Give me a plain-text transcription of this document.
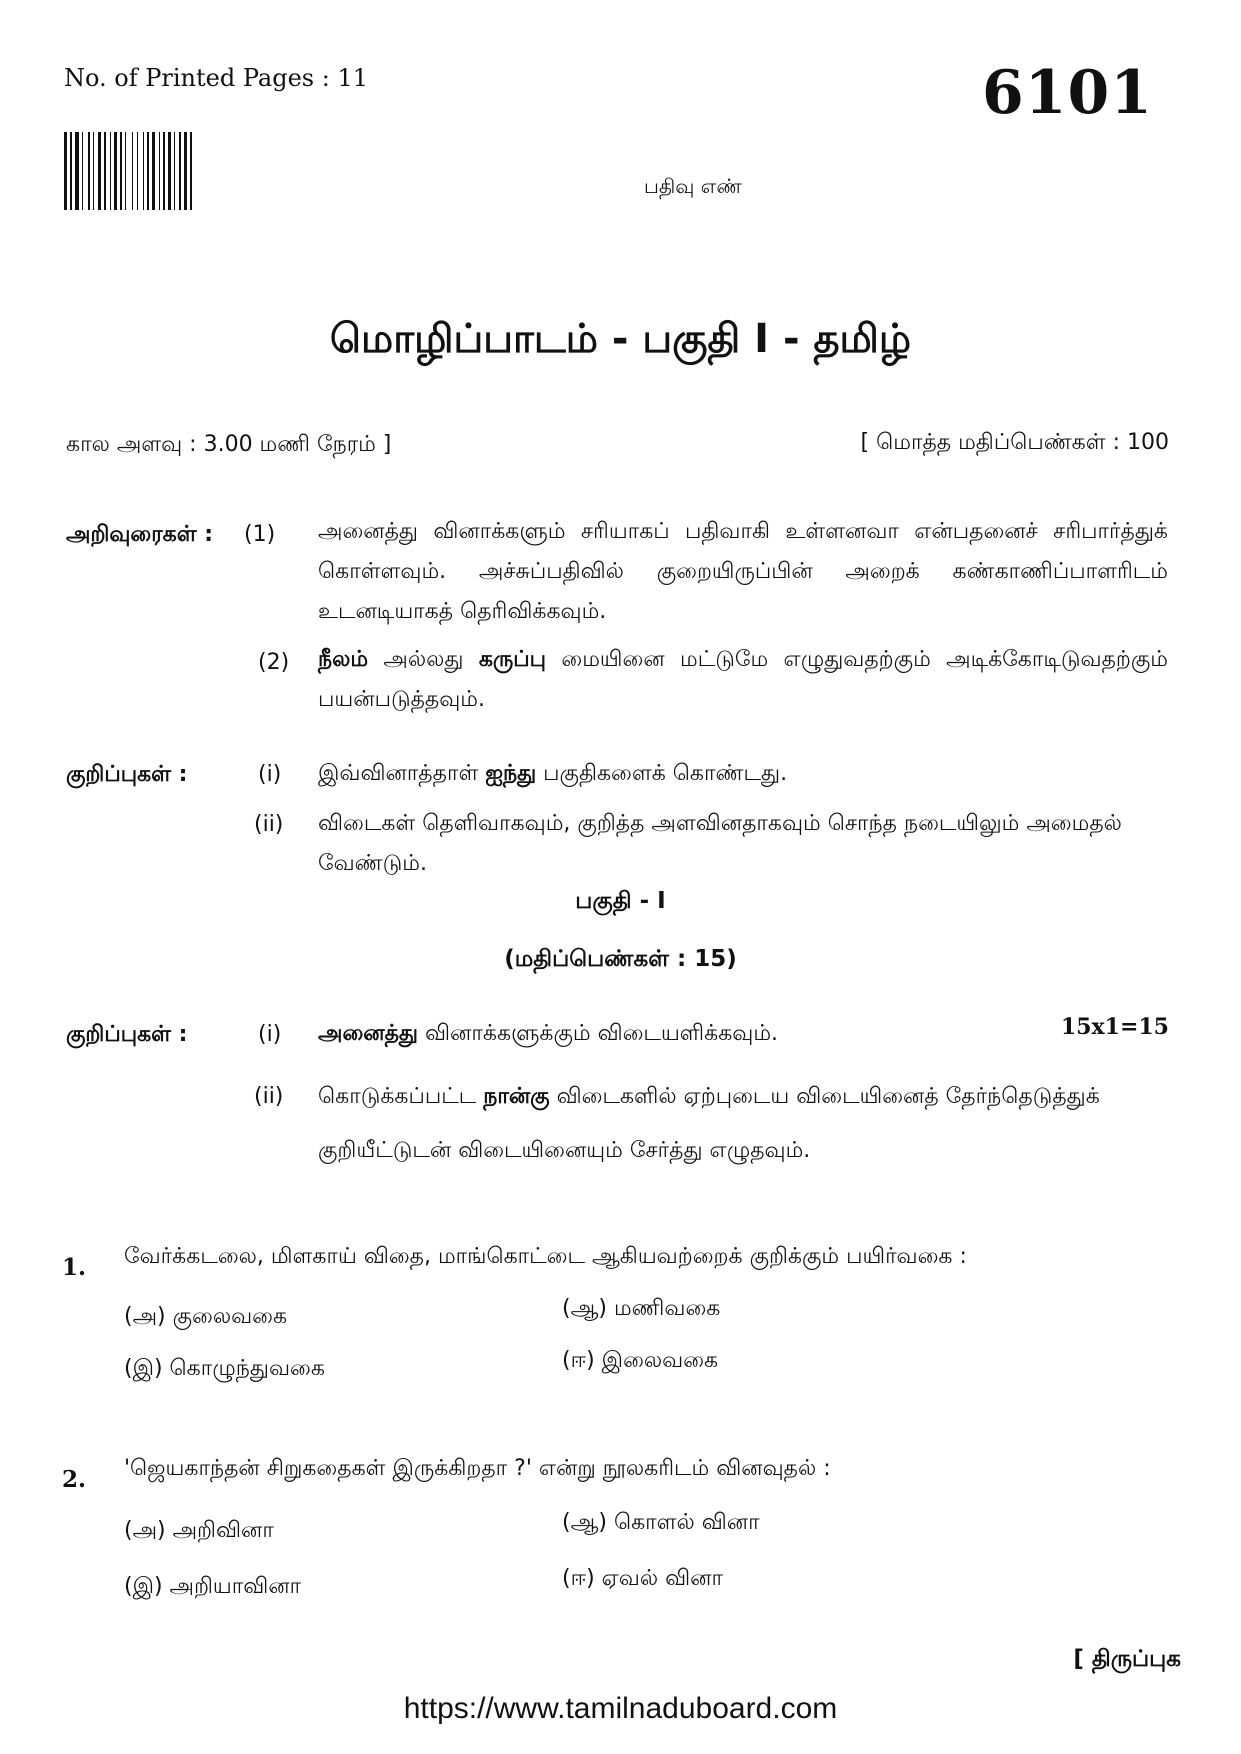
No. of Printed Pages : 11	6101
பதிவு எண்
மொழிப்பாடம் - பகுதி I - தமிழ்
கால அளவு : 3.00 மணி நேரம் ]	[ மொத்த மதிப்பெண்கள் : 100
அறிவுரைகள் : (1) அனைத்து வினாக்களும் சரியாகப் பதிவாகி உள்ளனவா என்பதனைச் சரிபார்த்துக் கொள்ளவும். அச்சுப்பதிவில் குறையிருப்பின் அறைக் கண்காணிப்பாளரிடம் உடனடியாகத் தெரிவிக்கவும்.
(2) நீலம் அல்லது கருப்பு மையினை மட்டுமே எழுதுவதற்கும் அடிக்கோடிடுவதற்கும் பயன்படுத்தவும்.
குறிப்புகள் :	(i) இவ்வினாத்தாள் ஐந்து பகுதிகளைக் கொண்டது.
(ii) விடைகள் தெளிவாகவும், குறித்த அளவினதாகவும் சொந்த நடையிலும் அமைதல் வேண்டும்.
பகுதி - I
(மதிப்பெண்கள் : 15)
குறிப்புகள் :	(i) அனைத்து வினாக்களுக்கும் விடையளிக்கவும்.	15x1=15
(ii) கொடுக்கப்பட்ட நான்கு விடைகளில் ஏற்புடைய விடையினைத் தேர்ந்தெடுத்துக் குறியீட்டுடன் விடையினையும் சேர்த்து எழுதவும்.
1. வேர்க்கடலை, மிளகாய் விதை, மாங்கொட்டை ஆகியவற்றைக் குறிக்கும் பயிர்வகை :
(அ) குலைவகை	(ஆ) மணிவகை
(இ) கொழுந்துவகை	(ஈ) இலைவகை
2. 'ஜெயகாந்தன் சிறுகதைகள் இருக்கிறதா ?' என்று நூலகரிடம் வினவுதல் :
(அ) அறிவினா	(ஆ) கொளல் வினா
(இ) அறியாவினா	(ஈ) ஏவல் வினா
[ திருப்புக
https://www.tamilnaduboard.com
